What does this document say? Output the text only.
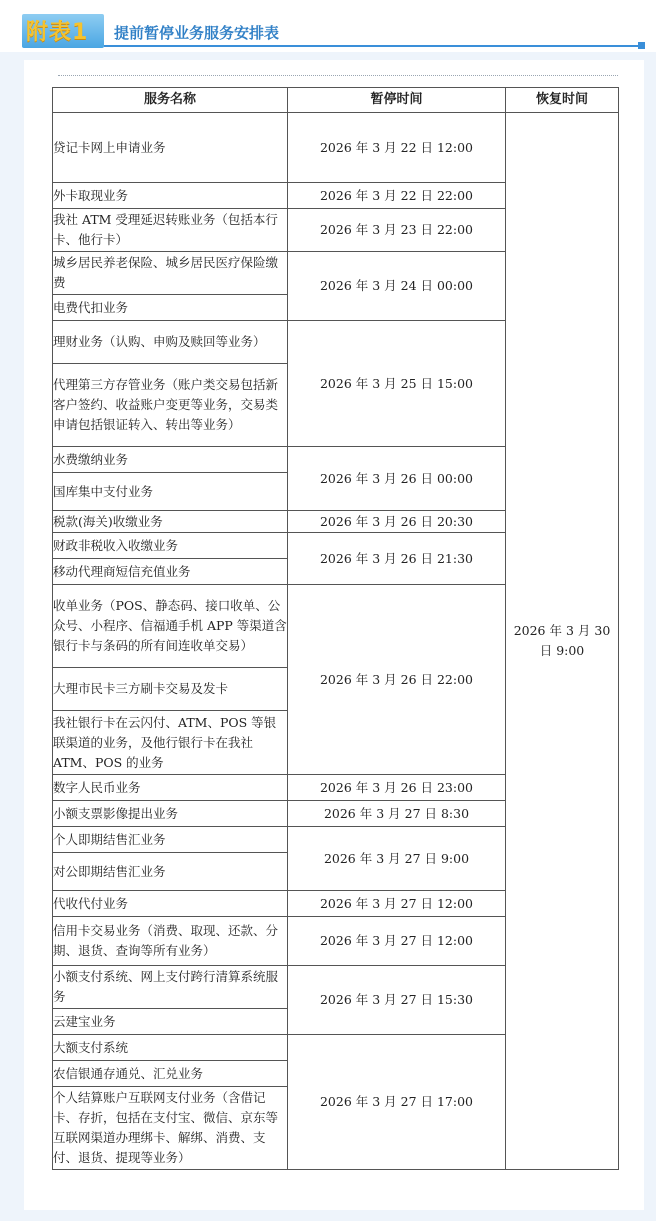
附表1 提前暂停业务服务安排表
服务名称	暂停时间	恢复时间
贷记卡网上申请业务	2026 年 3 月 22 日 12:00	2026 年 3 月 30 日 9:00
外卡取现业务	2026 年 3 月 22 日 22:00	
我社 ATM 受理延迟转账业务（包括本行卡、他行卡）	2026 年 3 月 23 日 22:00	
城乡居民养老保险、城乡居民医疗保险缴费	2026 年 3 月 24 日 00:00	
电费代扣业务		
理财业务（认购、申购及赎回等业务）	2026 年 3 月 25 日 15:00	
代理第三方存管业务（账户类交易包括新客户签约、收益账户变更等业务，交易类申请包括银证转入、转出等业务）		
水费缴纳业务	2026 年 3 月 26 日 00:00	
国库集中支付业务		
税款(海关)收缴业务	2026 年 3 月 26 日 20:30	
财政非税收入收缴业务	2026 年 3 月 26 日 21:30	
移动代理商短信充值业务		
收单业务（POS、静态码、接口收单、公众号、小程序、信福通手机 APP 等渠道含银行卡与条码的所有间连收单交易）	2026 年 3 月 26 日 22:00	
大理市民卡三方刷卡交易及发卡		
我社银行卡在云闪付、ATM、POS 等银联渠道的业务，及他行银行卡在我社 ATM、POS 的业务		
数字人民币业务	2026 年 3 月 26 日 23:00	
小额支票影像提出业务	2026 年 3 月 27 日 8:30	
个人即期结售汇业务	2026 年 3 月 27 日 9:00	
对公即期结售汇业务		
代收代付业务	2026 年 3 月 27 日 12:00	
信用卡交易业务（消费、取现、还款、分期、退货、查询等所有业务）	2026 年 3 月 27 日 12:00	
小额支付系统、网上支付跨行清算系统服务	2026 年 3 月 27 日 15:30	
云建宝业务		
大额支付系统	2026 年 3 月 27 日 17:00	
农信银通存通兑、汇兑业务		
个人结算账户互联网支付业务（含借记卡、存折，包括在支付宝、微信、京东等互联网渠道办理绑卡、解绑、消费、支付、退货、提现等业务）		
